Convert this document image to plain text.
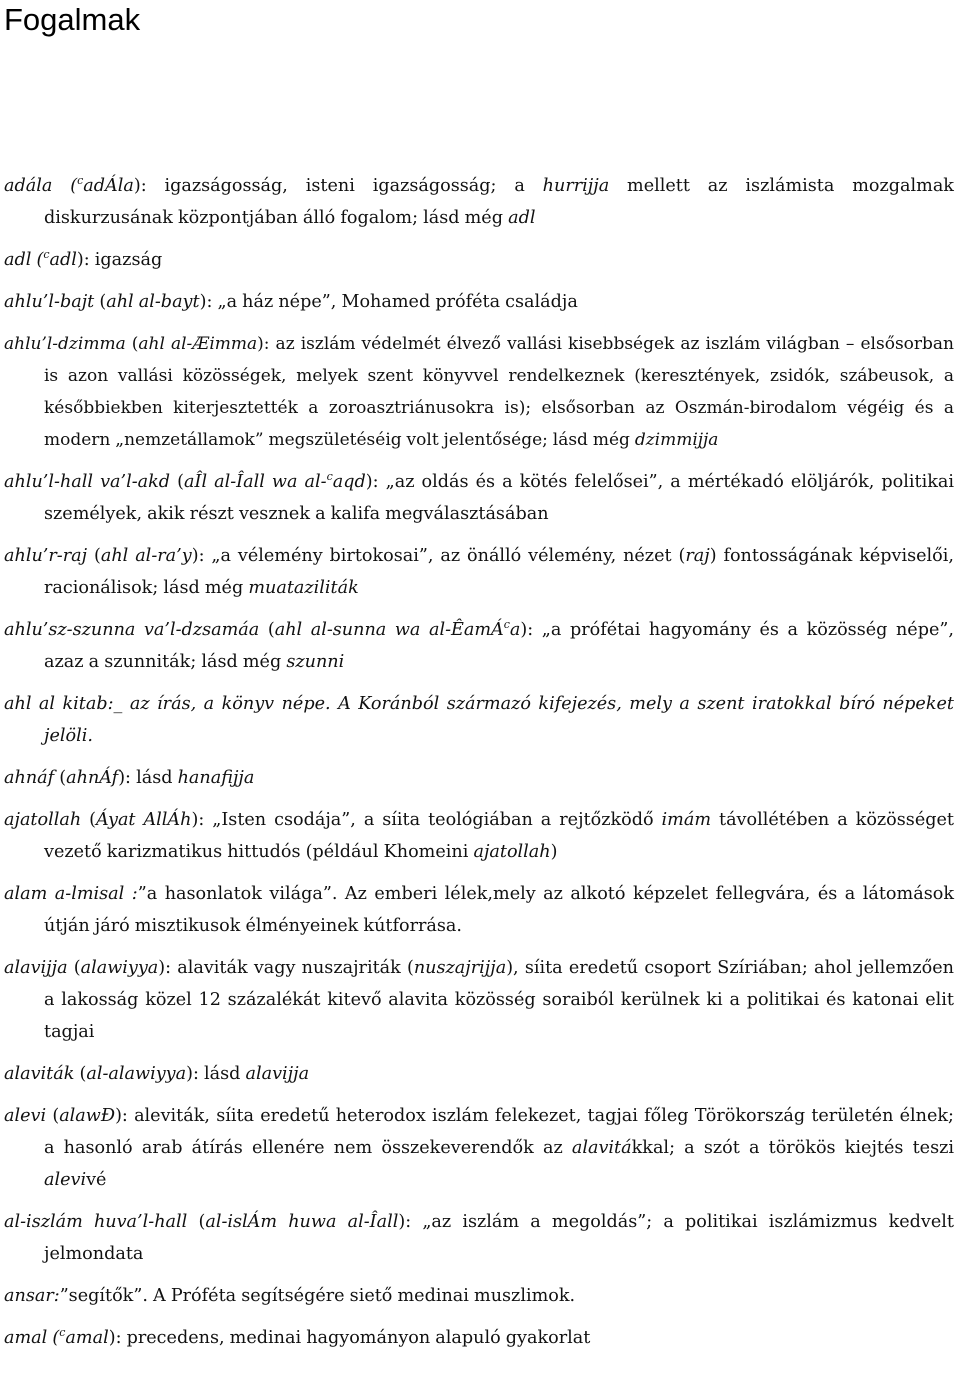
Fogalmak

adála ($^c$adÁla): igazságosság, isteni igazságosság; a hurrijja mellett az iszlámista mozgalmak diskurzusának központjában álló fogalom; lásd még adl

adl ($^c$adl): igazság

ahlu’l-bajt (ahl al-bayt): „a ház népe”, Mohamed próféta családja

ahlu’l-dzimma (ahl al-Æimma): az iszlám védelmét élvező vallási kisebbségek az iszlám világban – elsősorban is azon vallási közösségek, melyek szent könyvvel rendelkeznek (keresztények, zsidók, szábeusok, a későbbiekben kiterjesztették a zoroasztriánusokra is); elsősorban az Oszmán-birodalom végéig és a modern „nemzetállamok” megszületéséig volt jelentősége; lásd még dzimmijja

ahlu’l-hall va’l-akd (aÎl al-Îall wa al-$^c$aqd): „az oldás és a kötés felelősei”, a mértékadó elöljárók, politikai személyek, akik részt vesznek a kalifa megválasztásában

ahlu’r-raj (ahl al-ra’y): „a vélemény birtokosai”, az önálló vélemény, nézet (raj) fontosságának képviselői, racionálisok; lásd még muataziliták

ahlu’sz-szunna va’l-dzsamáa (ahl al-sunna wa al-ÊamÁ$^c$a): „a prófétai hagyomány és a közösség népe”, azaz a szunniták; lásd még szunni

ahl al kitab:_ az írás, a könyv népe. A Koránból származó kifejezés, mely a szent iratokkal bíró népeket jelöli.

ahnáf (ahnÁf): lásd hanafijja

ajatollah (Áyat AllÁh): „Isten csodája”, a síita teológiában a rejtőzködő imám távollétében a közösséget vezető karizmatikus hittudós (például Khomeini ajatollah)

alam a-lmisal :”a hasonlatok világa”. Az emberi lélek,mely az alkotó képzelet fellegvára, és a látomások útján járó misztikusok élményeinek kútforrása.

alavijja (alawiyya): alaviták vagy nuszajriták (nuszajrijja), síita eredetű csoport Szíriában; ahol jellemzően a lakosság közel 12 százalékát kitevő alavita közösség soraiból kerülnek ki a politikai és katonai elit tagjai

alaviták (al-alawiyya): lásd alavijja

alevi (alawĐ): aleviták, síita eredetű heterodox iszlám felekezet, tagjai főleg Törökország területén élnek; a hasonló arab átírás ellenére nem összekeverendők az alavitákkal; a szót a törökös kiejtés teszi alevivé

al-iszlám huva’l-hall (al-islÁm huwa al-Îall): „az iszlám a megoldás”; a politikai iszlámizmus kedvelt jelmondata

ansar:”segítők”. A Próféta segítségére siető medinai muszlimok.

amal ($^c$amal): precedens, medinai hagyományon alapuló gyakorlat
